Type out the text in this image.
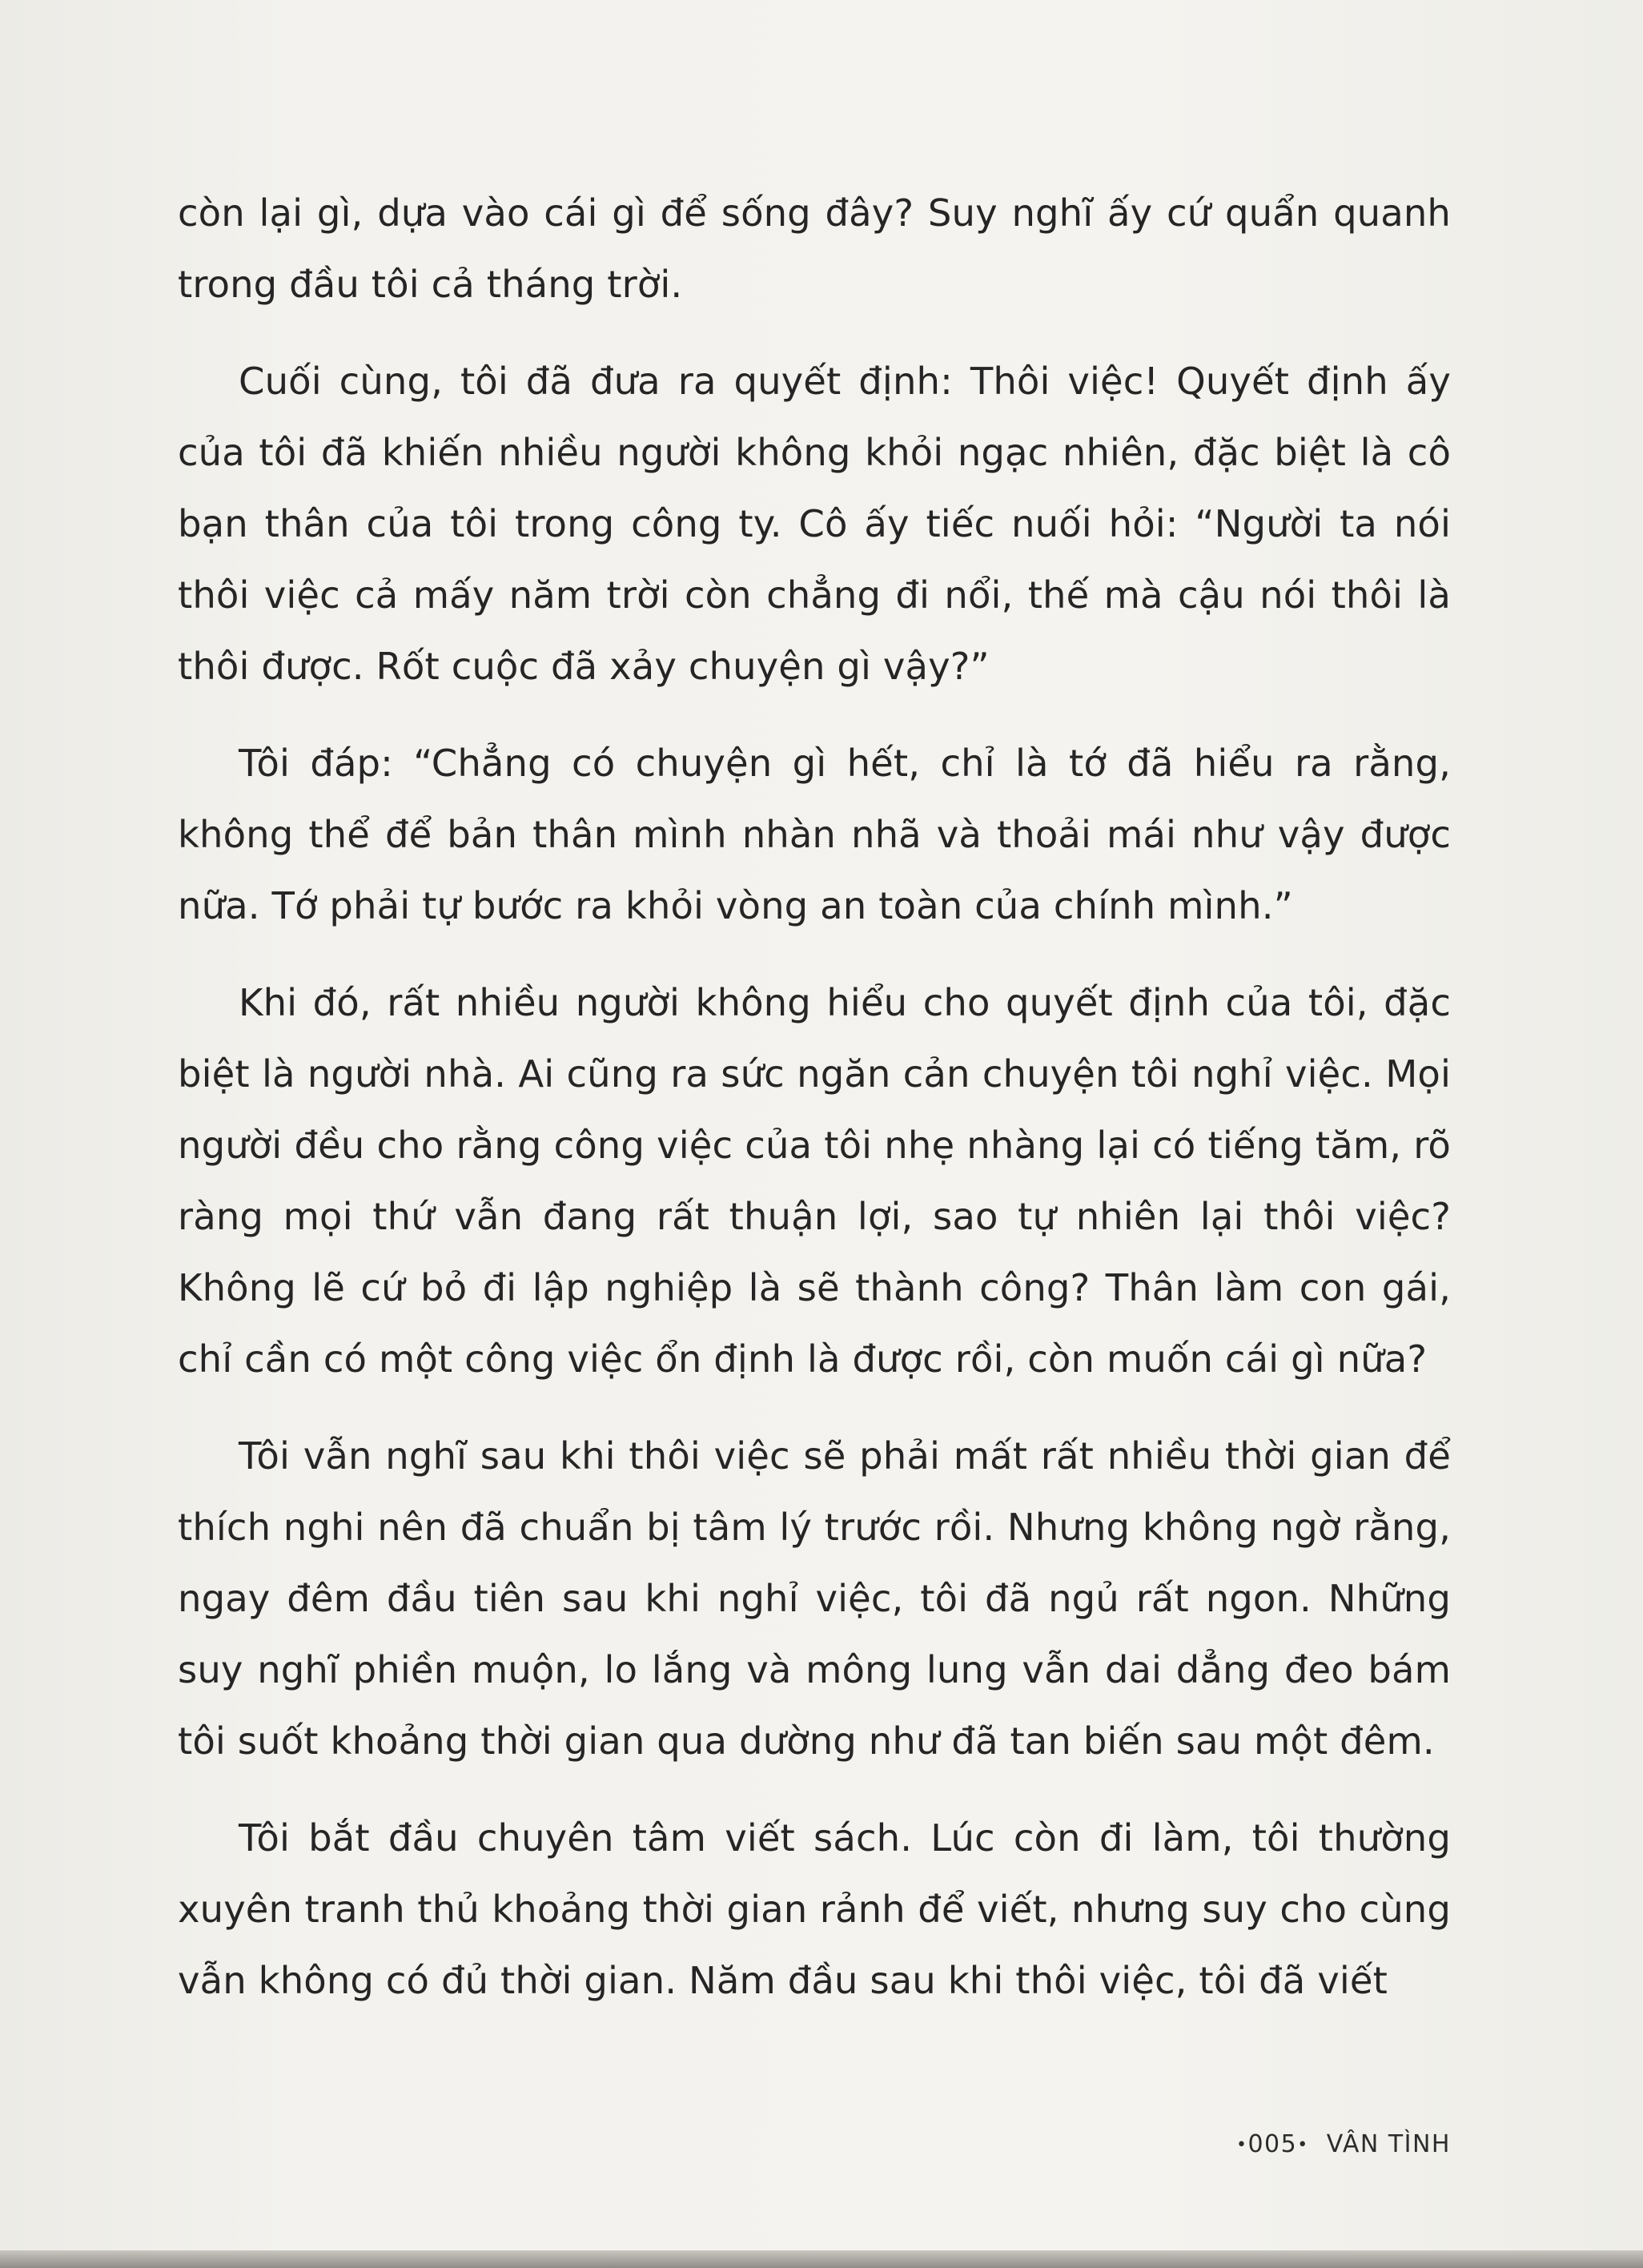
còn lại gì, dựa vào cái gì để sống đây? Suy nghĩ ấy cứ quẩn quanh trong đầu tôi cả tháng trời.

Cuối cùng, tôi đã đưa ra quyết định: Thôi việc! Quyết định ấy của tôi đã khiến nhiều người không khỏi ngạc nhiên, đặc biệt là cô bạn thân của tôi trong công ty. Cô ấy tiếc nuối hỏi: “Người ta nói thôi việc cả mấy năm trời còn chẳng đi nổi, thế mà cậu nói thôi là thôi được. Rốt cuộc đã xảy chuyện gì vậy?”

Tôi đáp: “Chẳng có chuyện gì hết, chỉ là tớ đã hiểu ra rằng, không thể để bản thân mình nhàn nhã và thoải mái như vậy được nữa. Tớ phải tự bước ra khỏi vòng an toàn của chính mình.”

Khi đó, rất nhiều người không hiểu cho quyết định của tôi, đặc biệt là người nhà. Ai cũng ra sức ngăn cản chuyện tôi nghỉ việc. Mọi người đều cho rằng công việc của tôi nhẹ nhàng lại có tiếng tăm, rõ ràng mọi thứ vẫn đang rất thuận lợi, sao tự nhiên lại thôi việc? Không lẽ cứ bỏ đi lập nghiệp là sẽ thành công? Thân làm con gái, chỉ cần có một công việc ổn định là được rồi, còn muốn cái gì nữa?

Tôi vẫn nghĩ sau khi thôi việc sẽ phải mất rất nhiều thời gian để thích nghi nên đã chuẩn bị tâm lý trước rồi. Nhưng không ngờ rằng, ngay đêm đầu tiên sau khi nghỉ việc, tôi đã ngủ rất ngon. Những suy nghĩ phiền muộn, lo lắng và mông lung vẫn dai dẳng đeo bám tôi suốt khoảng thời gian qua dường như đã tan biến sau một đêm.

Tôi bắt đầu chuyên tâm viết sách. Lúc còn đi làm, tôi thường xuyên tranh thủ khoảng thời gian rảnh để viết, nhưng suy cho cùng vẫn không có đủ thời gian. Năm đầu sau khi thôi việc, tôi đã viết

•005• VÂN TÌNH
